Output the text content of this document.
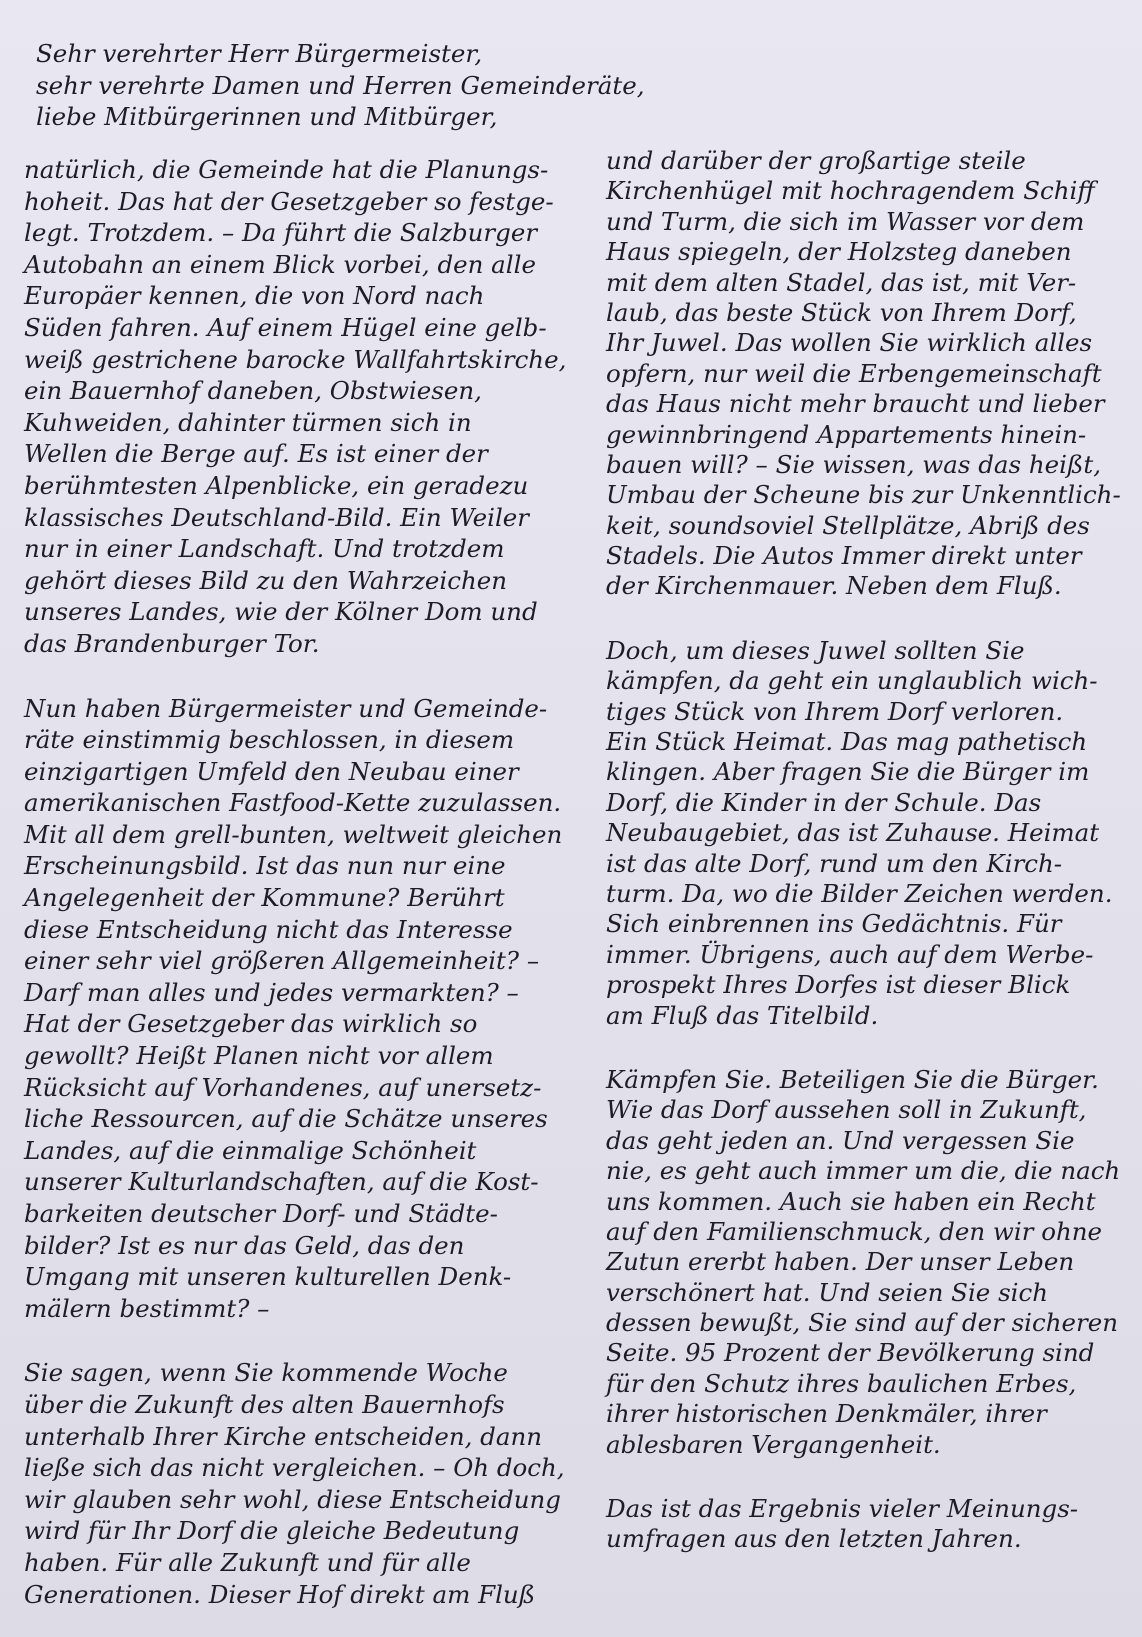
Sehr verehrter Herr Bürgermeister,
sehr verehrte Damen und Herren Gemeinderäte,
liebe Mitbürgerinnen und Mitbürger,
natürlich, die Gemeinde hat die Planungs-
hoheit. Das hat der Gesetzgeber so festge-
legt. Trotzdem. – Da führt die Salzburger
Autobahn an einem Blick vorbei, den alle
Europäer kennen, die von Nord nach
Süden fahren. Auf einem Hügel eine gelb-
weiß gestrichene barocke Wallfahrtskirche,
ein Bauernhof daneben, Obstwiesen,
Kuhweiden, dahinter türmen sich in
Wellen die Berge auf. Es ist einer der
berühmtesten Alpenblicke, ein geradezu
klassisches Deutschland-Bild. Ein Weiler
nur in einer Landschaft. Und trotzdem
gehört dieses Bild zu den Wahrzeichen
unseres Landes, wie der Kölner Dom und
das Brandenburger Tor.
Nun haben Bürgermeister und Gemeinde-
räte einstimmig beschlossen, in diesem
einzigartigen Umfeld den Neubau einer
amerikanischen Fastfood-Kette zuzulassen.
Mit all dem grell-bunten, weltweit gleichen
Erscheinungsbild. Ist das nun nur eine
Angelegenheit der Kommune? Berührt
diese Entscheidung nicht das Interesse
einer sehr viel größeren Allgemeinheit? –
Darf man alles und jedes vermarkten? –
Hat der Gesetzgeber das wirklich so
gewollt? Heißt Planen nicht vor allem
Rücksicht auf Vorhandenes, auf unersetz-
liche Ressourcen, auf die Schätze unseres
Landes, auf die einmalige Schönheit
unserer Kulturlandschaften, auf die Kost-
barkeiten deutscher Dorf- und Städte-
bilder? Ist es nur das Geld, das den
Umgang mit unseren kulturellen Denk-
mälern bestimmt? –
Sie sagen, wenn Sie kommende Woche
über die Zukunft des alten Bauernhofs
unterhalb Ihrer Kirche entscheiden, dann
ließe sich das nicht vergleichen. – Oh doch,
wir glauben sehr wohl, diese Entscheidung
wird für Ihr Dorf die gleiche Bedeutung
haben. Für alle Zukunft und für alle
Generationen. Dieser Hof direkt am Fluß
und darüber der großartige steile
Kirchenhügel mit hochragendem Schiff
und Turm, die sich im Wasser vor dem
Haus spiegeln, der Holzsteg daneben
mit dem alten Stadel, das ist, mit Ver-
laub, das beste Stück von Ihrem Dorf,
Ihr Juwel. Das wollen Sie wirklich alles
opfern, nur weil die Erbengemeinschaft
das Haus nicht mehr braucht und lieber
gewinnbringend Appartements hinein-
bauen will? – Sie wissen, was das heißt,
Umbau der Scheune bis zur Unkenntlich-
keit, soundsoviel Stellplätze, Abriß des
Stadels. Die Autos Immer direkt unter
der Kirchenmauer. Neben dem Fluß.
Doch, um dieses Juwel sollten Sie
kämpfen, da geht ein unglaublich wich-
tiges Stück von Ihrem Dorf verloren.
Ein Stück Heimat. Das mag pathetisch
klingen. Aber fragen Sie die Bürger im
Dorf, die Kinder in der Schule. Das
Neubaugebiet, das ist Zuhause. Heimat
ist das alte Dorf, rund um den Kirch-
turm. Da, wo die Bilder Zeichen werden.
Sich einbrennen ins Gedächtnis. Für
immer. Übrigens, auch auf dem Werbe-
prospekt Ihres Dorfes ist dieser Blick
am Fluß das Titelbild.
Kämpfen Sie. Beteiligen Sie die Bürger.
Wie das Dorf aussehen soll in Zukunft,
das geht jeden an. Und vergessen Sie
nie, es geht auch immer um die, die nach
uns kommen. Auch sie haben ein Recht
auf den Familienschmuck, den wir ohne
Zutun ererbt haben. Der unser Leben
verschönert hat. Und seien Sie sich
dessen bewußt, Sie sind auf der sicheren
Seite. 95 Prozent der Bevölkerung sind
für den Schutz ihres baulichen Erbes,
ihrer historischen Denkmäler, ihrer
ablesbaren Vergangenheit.
Das ist das Ergebnis vieler Meinungs-
umfragen aus den letzten Jahren.
